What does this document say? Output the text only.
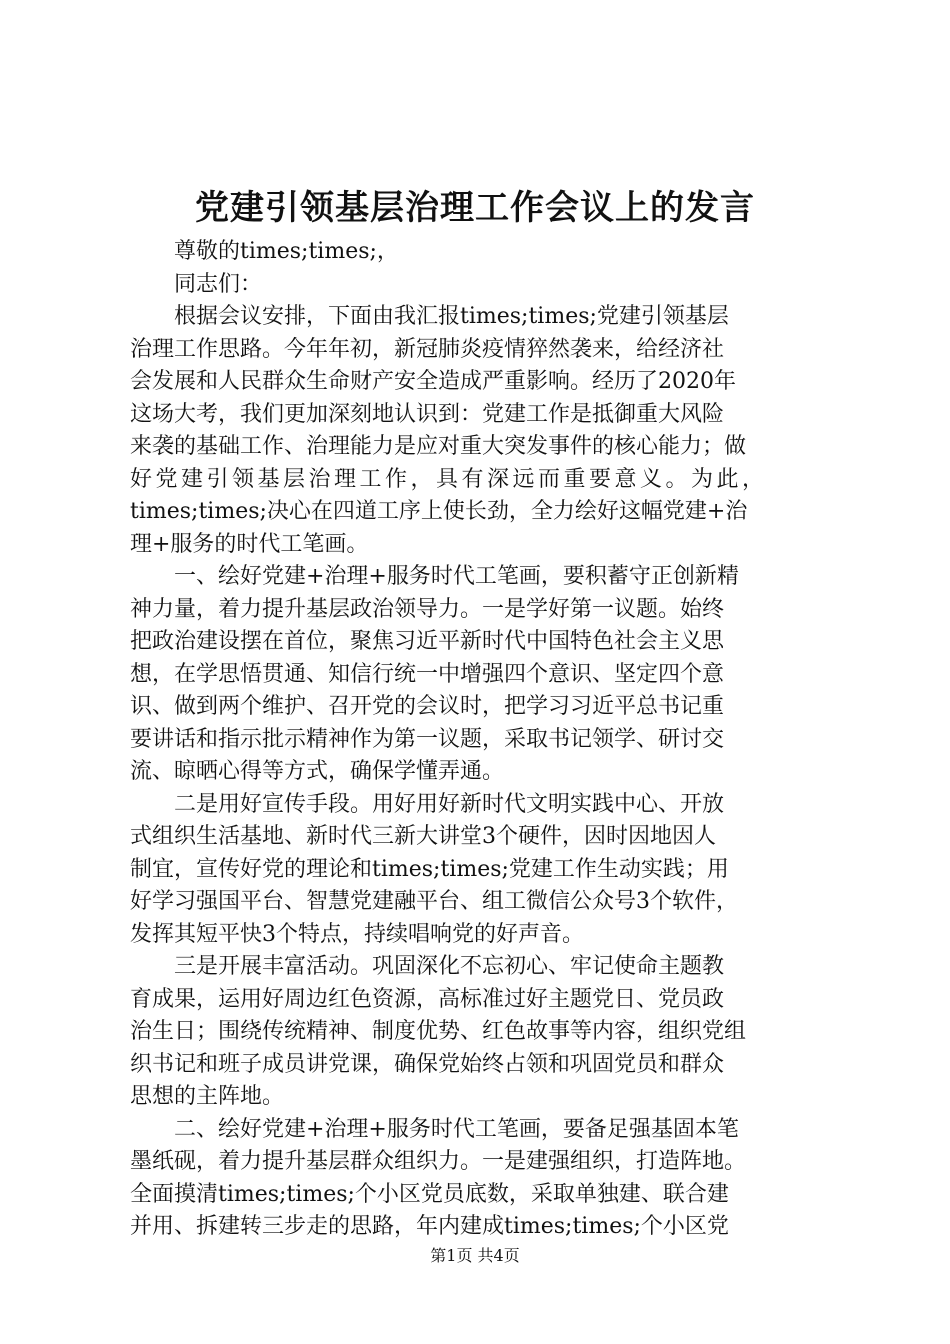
党建引领基层治理工作会议上的发言
尊敬的times;times;，
同志们：
根据会议安排，下面由我汇报times;times;党建引领基层
治理工作思路。今年年初，新冠肺炎疫情猝然袭来，给经济社
会发展和人民群众生命财产安全造成严重影响。经历了2020年
这场大考，我们更加深刻地认识到：党建工作是抵御重大风险
来袭的基础工作、治理能力是应对重大突发事件的核心能力；做
好党建引领基层治理工作，具有深远而重要意义。为此，
times;times;决心在四道工序上使长劲，全力绘好这幅党建+治
理+服务的时代工笔画。
一、绘好党建+治理+服务时代工笔画，要积蓄守正创新精
神力量，着力提升基层政治领导力。一是学好第一议题。始终
把政治建设摆在首位，聚焦习近平新时代中国特色社会主义思
想，在学思悟贯通、知信行统一中增强四个意识、坚定四个意
识、做到两个维护、召开党的会议时，把学习习近平总书记重
要讲话和指示批示精神作为第一议题，采取书记领学、研讨交
流、晾晒心得等方式，确保学懂弄通。
二是用好宣传手段。用好用好新时代文明实践中心、开放
式组织生活基地、新时代三新大讲堂3个硬件，因时因地因人
制宜，宣传好党的理论和times;times;党建工作生动实践；用
好学习强国平台、智慧党建融平台、组工微信公众号3个软件，
发挥其短平快3个特点，持续唱响党的好声音。
三是开展丰富活动。巩固深化不忘初心、牢记使命主题教
育成果，运用好周边红色资源，高标准过好主题党日、党员政
治生日；围绕传统精神、制度优势、红色故事等内容，组织党组
织书记和班子成员讲党课，确保党始终占领和巩固党员和群众
思想的主阵地。
二、绘好党建+治理+服务时代工笔画，要备足强基固本笔
墨纸砚，着力提升基层群众组织力。一是建强组织，打造阵地。
全面摸清times;times;个小区党员底数，采取单独建、联合建
并用、拆建转三步走的思路，年内建成times;times;个小区党
第1页 共4页
